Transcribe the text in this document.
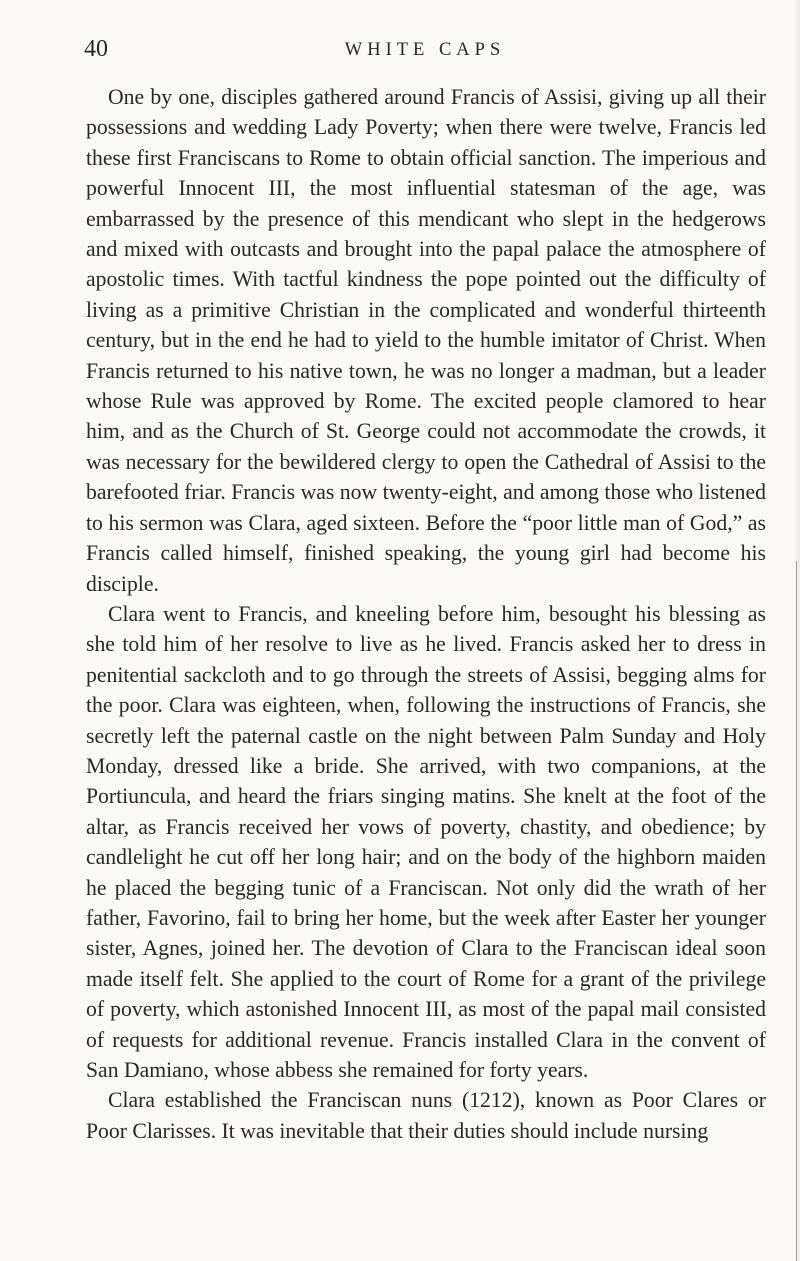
40	WHITE CAPS

One by one, disciples gathered around Francis of Assisi, giving up all their possessions and wedding Lady Poverty; when there were twelve, Francis led these first Franciscans to Rome to obtain official sanction. The imperious and powerful Innocent III, the most influential statesman of the age, was embarrassed by the presence of this mendicant who slept in the hedgerows and mixed with outcasts and brought into the papal palace the atmosphere of apostolic times. With tactful kindness the pope pointed out the difficulty of living as a primitive Christian in the complicated and wonderful thirteenth century, but in the end he had to yield to the humble imitator of Christ. When Francis returned to his native town, he was no longer a madman, but a leader whose Rule was approved by Rome. The excited people clamored to hear him, and as the Church of St. George could not accommodate the crowds, it was necessary for the bewildered clergy to open the Cathedral of Assisi to the barefooted friar. Francis was now twenty-eight, and among those who listened to his sermon was Clara, aged sixteen. Before the “poor little man of God,” as Francis called himself, finished speaking, the young girl had become his disciple.

Clara went to Francis, and kneeling before him, besought his blessing as she told him of her resolve to live as he lived. Francis asked her to dress in penitential sackcloth and to go through the streets of Assisi, begging alms for the poor. Clara was eighteen, when, following the instructions of Francis, she secretly left the paternal castle on the night between Palm Sunday and Holy Monday, dressed like a bride. She arrived, with two companions, at the Portiuncula, and heard the friars singing matins. She knelt at the foot of the altar, as Francis received her vows of poverty, chastity, and obedience; by candlelight he cut off her long hair; and on the body of the highborn maiden he placed the begging tunic of a Franciscan. Not only did the wrath of her father, Favorino, fail to bring her home, but the week after Easter her younger sister, Agnes, joined her. The devotion of Clara to the Franciscan ideal soon made itself felt. She applied to the court of Rome for a grant of the privilege of poverty, which astonished Innocent III, as most of the papal mail consisted of requests for additional revenue. Francis installed Clara in the convent of San Damiano, whose abbess she remained for forty years.

Clara established the Franciscan nuns (1212), known as Poor Clares or Poor Clarisses. It was inevitable that their duties should include nursing
